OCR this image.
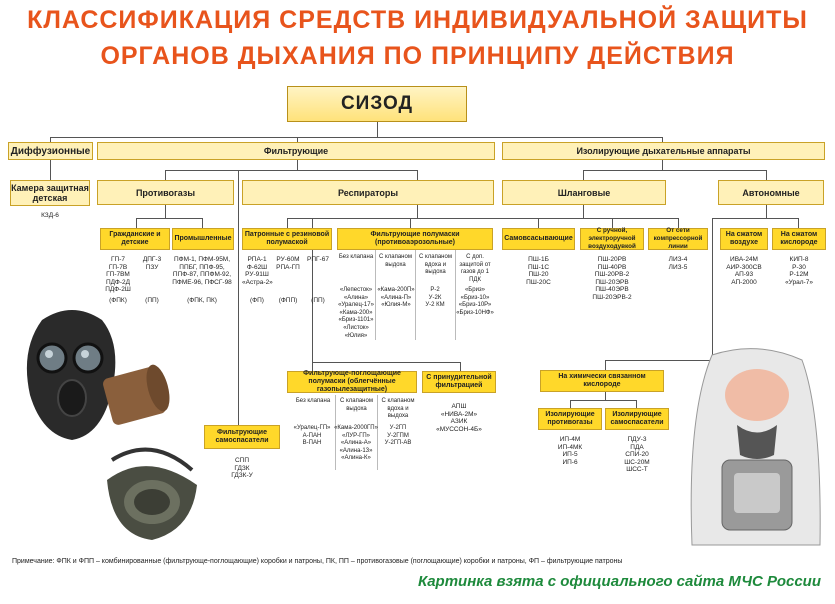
КЛАССИФИКАЦИЯ СРЕДСТВ ИНДИВИДУАЛЬНОЙ ЗАЩИТЫ
ОРГАНОВ ДЫХАНИЯ ПО ПРИНЦИПУ ДЕЙСТВИЯ
СИЗОД
Диффузионные	Фильтрующие	Изолирующие дыхательные аппараты
Камера защитная детская
КЗД-6
Противогазы	Респираторы
Гражданские и детские
ГП-7
ГП-7В
ГП-7ВМ
ПДФ-2Д
ПДФ-2Ш
ДПГ-3
ПЗУ
(ФПК)	(ПП)
Промышленные
ПФМ-1, ПФМ-95М,
ППБГ, ППФ-95,
ППФ-87, ППФМ-92,
ПФМЕ-96, ПФСГ-98
(ФПК, ПК)
Патронные с резиновой полумаской
РПА-1
Ф-62Ш
РУ-91Ш
«Астра-2»
РУ-60М
РПА-ГП
РПГ-67
(ФП)	(ФПП)	(ПП)
Фильтрующие полумаски (противоаэрозольные)
Без клапана С клапаном выдоха
С клапаном вдоха и выдоха
С доп. защитой от газов до 1 ПДК
«Лепесток»
«Алина»
«Уралец-17»
«Кама-200»
«Бриз-1101»
«Листок»
«Юлия»
«Кама-200П»
«Алина-П»
«Юлия-М»
Р-2
У-2К
У-2 КМ
«Бриз»
«Бриз-10»
«Бриз-10Р»
«Бриз-10НФ»
Фильтрующе-поглощающие полумаски (облегчённые газопылезащитные)
Без клапана	С клапаном выдоха
С клапаном вдоха и выдоха
«Уралец-ГП»
А-ПАН
В-ПАН
«Кама-2000ГП»
«ЛУР-ГП»
«Алина-А»
«Алина-13»
«Алина-К»
У-2ГП
У-2ГПМ
У-2ГП-АВ
С принудительной фильтрацией
АПШ
«НИВА-2М»
АЗИК
«МУССОН-4Б»
Фильтрующие самоспасатели
СПП
ГДЗК
ГДЗК-У
Шланговые	Автономные
Самовсасывающие
ПШ-1Б
ПШ-1С
ПШ-20
ПШ-20С
С ручной, электроручной воздуходувкой
ПШ-20РВ
ПШ-40РВ
ПШ-20РВ-2
ПШ-20ЭРВ
ПШ-40ЭРВ
ПШ-20ЭРВ-2
От сети компрессорной линии
ЛИЗ-4
ЛИЗ-5
На сжатом воздухе
ИВА-24М
АИР-300СВ
АП-93
АП-2000
На сжатом кислороде
КИП-8
Р-30
Р-12М
«Урал-7»
На химически связанном кислороде
Изолирующие противогазы
ИП-4М
ИП-4МК
ИП-5
ИП-6
Изолирующие самоспасатели
ПДУ-3
ПДА
СПИ-20
ШС-20М
ШСС-Т
Примечание: ФПК и ФПП – комбинированные (фильтрующе-поглощающие) коробки и патроны, ПК, ПП – противогазовые (поглощающие) коробки и патроны, ФП – фильтрующие патроны
Картинка взята с официального сайта МЧС России
